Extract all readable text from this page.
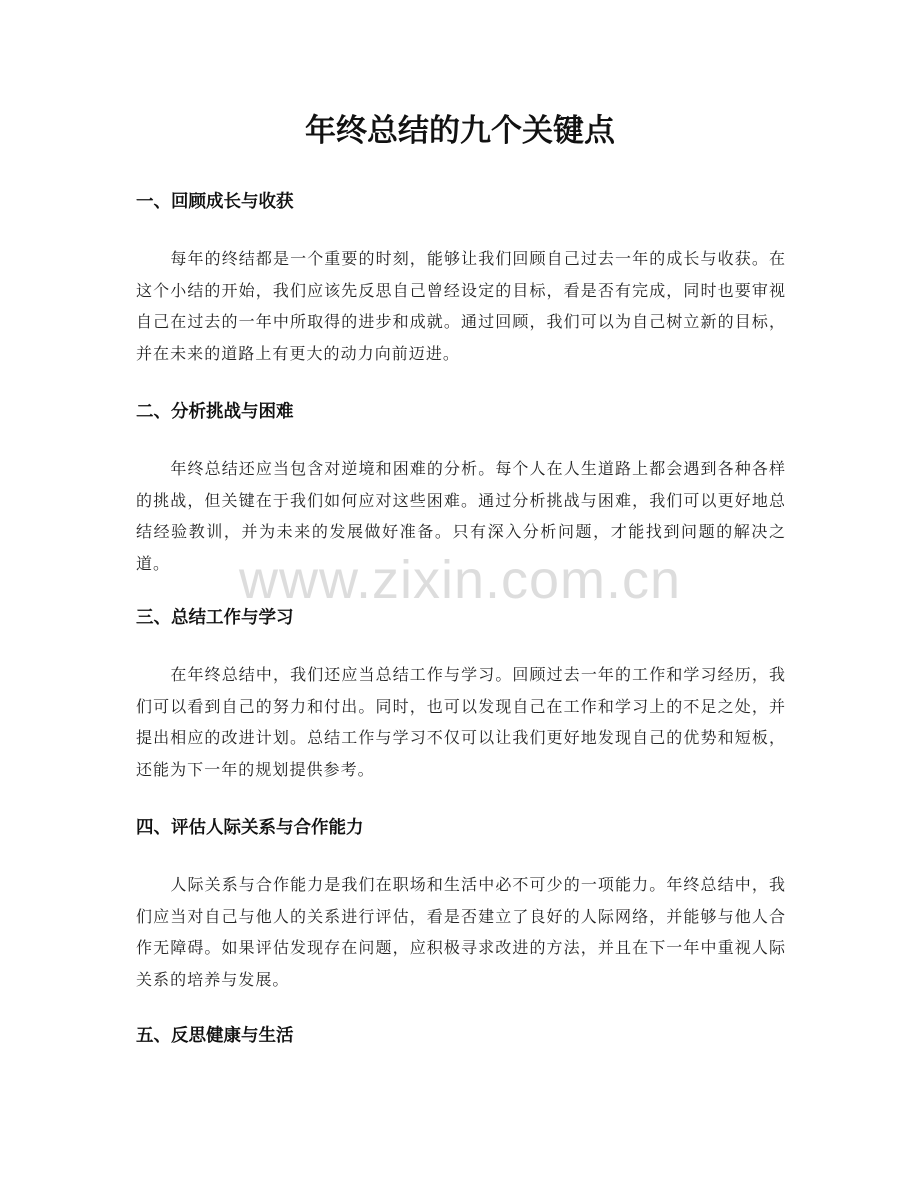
年终总结的九个关键点
一、回顾成长与收获

每年的终结都是一个重要的时刻，能够让我们回顾自己过去一年的成长与收获。在这个小结的开始，我们应该先反思自己曾经设定的目标，看是否有完成，同时也要审视自己在过去的一年中所取得的进步和成就。通过回顾，我们可以为自己树立新的目标，并在未来的道路上有更大的动力向前迈进。

二、分析挑战与困难

年终总结还应当包含对逆境和困难的分析。每个人在人生道路上都会遇到各种各样的挑战，但关键在于我们如何应对这些困难。通过分析挑战与困难，我们可以更好地总结经验教训，并为未来的发展做好准备。只有深入分析问题，才能找到问题的解决之道。

三、总结工作与学习

在年终总结中，我们还应当总结工作与学习。回顾过去一年的工作和学习经历，我们可以看到自己的努力和付出。同时，也可以发现自己在工作和学习上的不足之处，并提出相应的改进计划。总结工作与学习不仅可以让我们更好地发现自己的优势和短板，还能为下一年的规划提供参考。

四、评估人际关系与合作能力

人际关系与合作能力是我们在职场和生活中必不可少的一项能力。年终总结中，我们应当对自己与他人的关系进行评估，看是否建立了良好的人际网络，并能够与他人合作无障碍。如果评估发现存在问题，应积极寻求改进的方法，并且在下一年中重视人际关系的培养与发展。

五、反思健康与生活
www.zixin.com.cn
